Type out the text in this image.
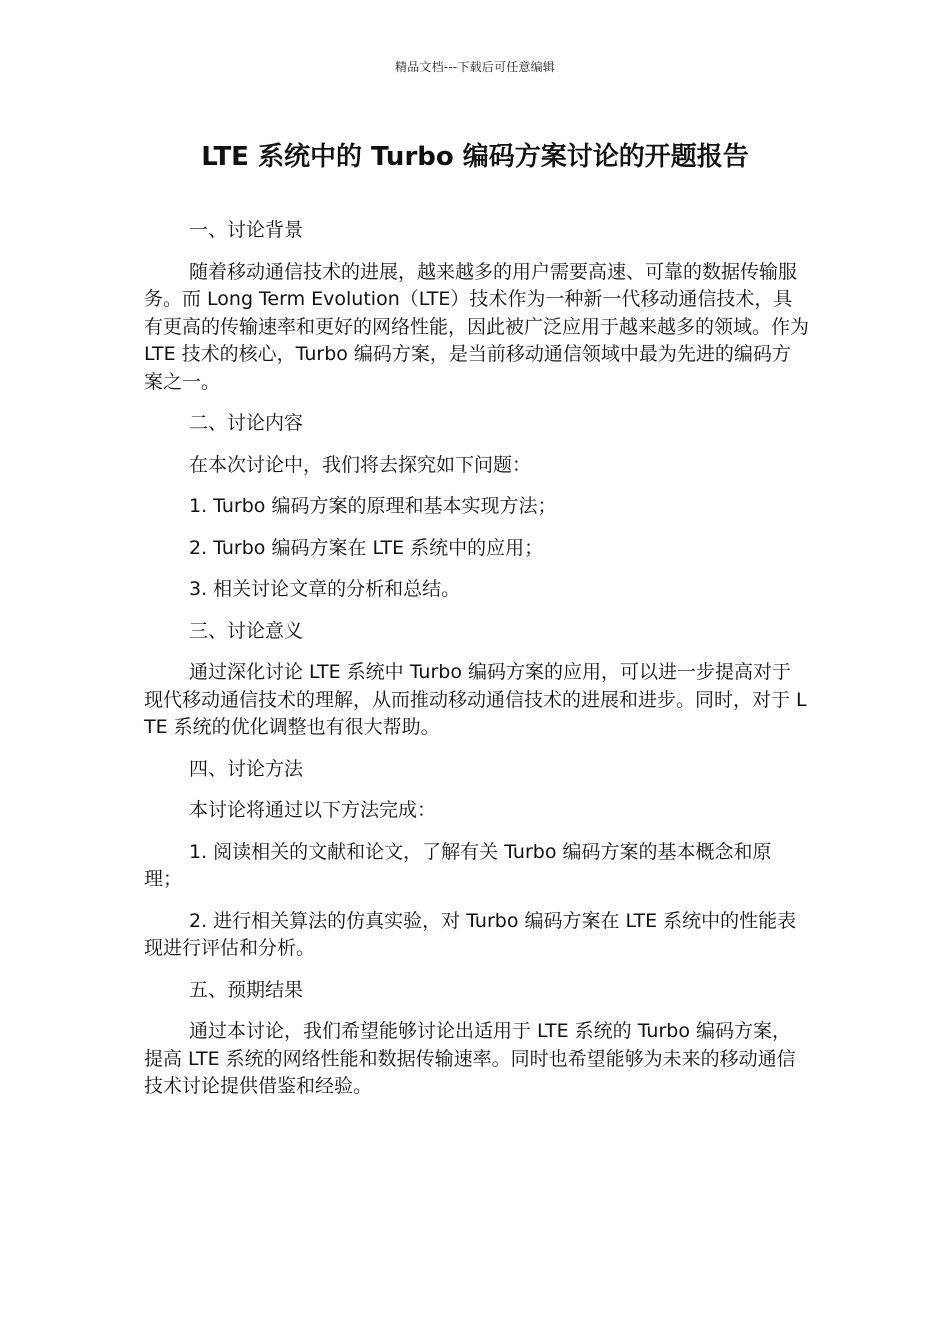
精品文档---下载后可任意编辑
LTE 系统中的 Turbo 编码方案讨论的开题报告
一、讨论背景

随着移动通信技术的进展，越来越多的用户需要高速、可靠的数据传输服务。而 Long Term Evolution（LTE）技术作为一种新一代移动通信技术，具有更高的传输速率和更好的网络性能，因此被广泛应用于越来越多的领域。作为 LTE 技术的核心，Turbo 编码方案，是当前移动通信领域中最为先进的编码方案之一。

二、讨论内容

在本次讨论中，我们将去探究如下问题：

1. Turbo 编码方案的原理和基本实现方法；

2. Turbo 编码方案在 LTE 系统中的应用；

3. 相关讨论文章的分析和总结。

三、讨论意义

通过深化讨论 LTE 系统中 Turbo 编码方案的应用，可以进一步提高对于现代移动通信技术的理解，从而推动移动通信技术的进展和进步。同时，对于 LTE 系统的优化调整也有很大帮助。

四、讨论方法

本讨论将通过以下方法完成：

1. 阅读相关的文献和论文，了解有关 Turbo 编码方案的基本概念和原理；

2. 进行相关算法的仿真实验，对 Turbo 编码方案在 LTE 系统中的性能表现进行评估和分析。

五、预期结果

通过本讨论，我们希望能够讨论出适用于 LTE 系统的 Turbo 编码方案，提高 LTE 系统的网络性能和数据传输速率。同时也希望能够为未来的移动通信技术讨论提供借鉴和经验。
